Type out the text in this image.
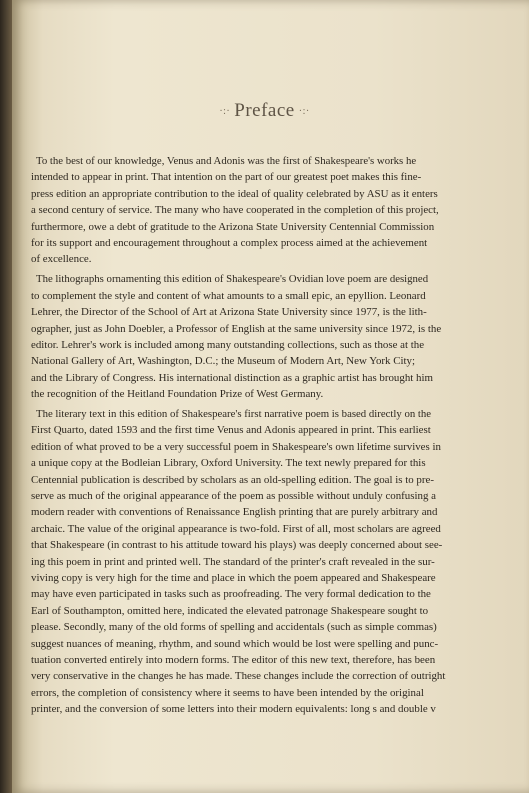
·:· Preface ·:·
To the best of our knowledge, Venus and Adonis was the first of Shakespeare's works he
intended to appear in print. That intention on the part of our greatest poet makes this fine-
press edition an appropriate contribution to the ideal of quality celebrated by ASU as it enters
a second century of service. The many who have cooperated in the completion of this project,
furthermore, owe a debt of gratitude to the Arizona State University Centennial Commission
for its support and encouragement throughout a complex process aimed at the achievement
of excellence.
The lithographs ornamenting this edition of Shakespeare's Ovidian love poem are designed
to complement the style and content of what amounts to a small epic, an epyllion. Leonard
Lehrer, the Director of the School of Art at Arizona State University since 1977, is the lith-
ographer, just as John Doebler, a Professor of English at the same university since 1972, is the
editor. Lehrer's work is included among many outstanding collections, such as those at the
National Gallery of Art, Washington, D.C.; the Museum of Modern Art, New York City;
and the Library of Congress. His international distinction as a graphic artist has brought him
the recognition of the Heitland Foundation Prize of West Germany.
The literary text in this edition of Shakespeare's first narrative poem is based directly on the
First Quarto, dated 1593 and the first time Venus and Adonis appeared in print. This earliest
edition of what proved to be a very successful poem in Shakespeare's own lifetime survives in
a unique copy at the Bodleian Library, Oxford University. The text newly prepared for this
Centennial publication is described by scholars as an old-spelling edition. The goal is to pre-
serve as much of the original appearance of the poem as possible without unduly confusing a
modern reader with conventions of Renaissance English printing that are purely arbitrary and
archaic. The value of the original appearance is two-fold. First of all, most scholars are agreed
that Shakespeare (in contrast to his attitude toward his plays) was deeply concerned about see-
ing this poem in print and printed well. The standard of the printer's craft revealed in the sur-
viving copy is very high for the time and place in which the poem appeared and Shakespeare
may have even participated in tasks such as proofreading. The very formal dedication to the
Earl of Southampton, omitted here, indicated the elevated patronage Shakespeare sought to
please. Secondly, many of the old forms of spelling and accidentals (such as simple commas)
suggest nuances of meaning, rhythm, and sound which would be lost were spelling and punc-
tuation converted entirely into modern forms. The editor of this new text, therefore, has been
very conservative in the changes he has made. These changes include the correction of outright
errors, the completion of consistency where it seems to have been intended by the original
printer, and the conversion of some letters into their modern equivalents: long s and double v
